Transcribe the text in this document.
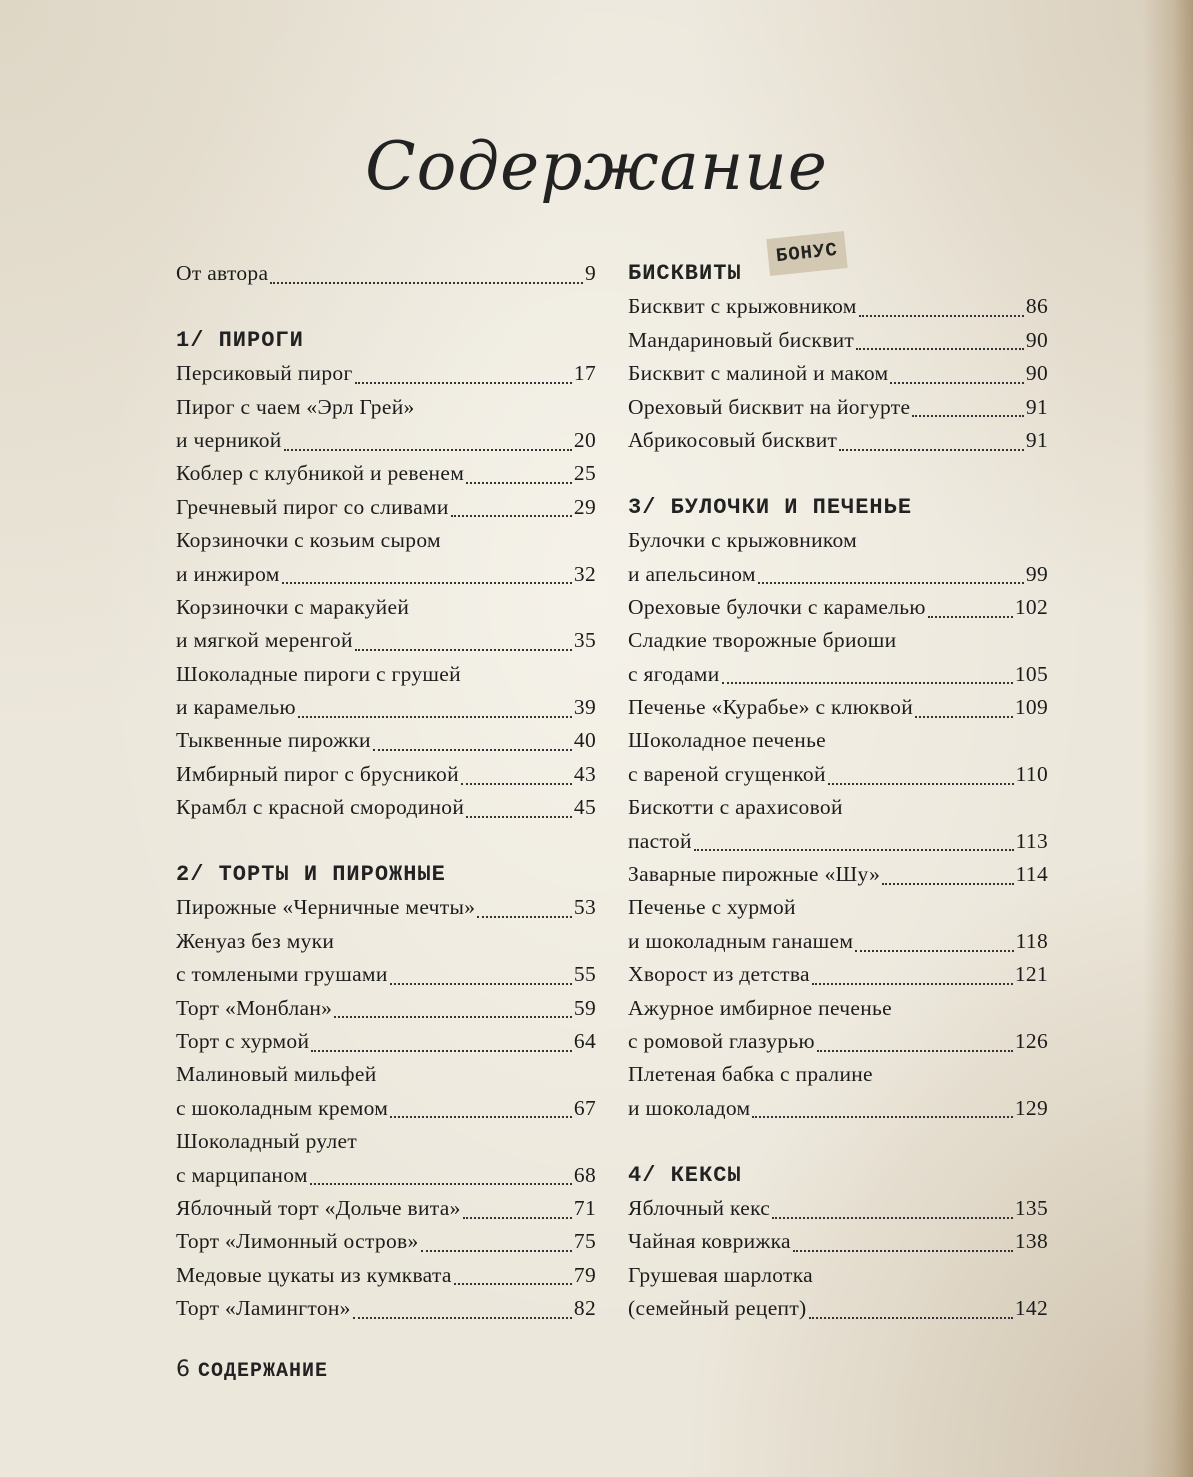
Содержание
От автора	9
1/ ПИРОГИ
Персиковый пирог	17
Пирог с чаем «Эрл Грей»
и черникой	20
Коблер с клубникой и ревенем	25
Гречневый пирог со сливами	29
Корзиночки с козьим сыром
и инжиром	32
Корзиночки с маракуйей
и мягкой меренгой	35
Шоколадные пироги с грушей
и карамелью	39
Тыквенные пирожки	40
Имбирный пирог с брусникой	43
Крамбл с красной смородиной	45
2/ ТОРТЫ И ПИРОЖНЫЕ
Пирожные «Черничные мечты»	53
Женуаз без муки
с томлеными грушами	55
Торт «Монблан»	59
Торт с хурмой	64
Малиновый мильфей
с шоколадным кремом	67
Шоколадный рулет
с марципаном	68
Яблочный торт «Дольче вита»	71
Торт «Лимонный остров»	75
Медовые цукаты из кумквата	79
Торт «Ламингтон»	82
БИСКВИТЫ
БОНУС
Бисквит с крыжовником	86
Мандариновый бисквит	90
Бисквит с малиной и маком	90
Ореховый бисквит на йогурте	91
Абрикосовый бисквит	91
3/ БУЛОЧКИ И ПЕЧЕНЬЕ
Булочки с крыжовником
и апельсином	99
Ореховые булочки с карамелью	102
Сладкие творожные бриоши
с ягодами	105
Печенье «Курабье» с клюквой	109
Шоколадное печенье
с вареной сгущенкой	110
Бискотти с арахисовой
пастой	113
Заварные пирожные «Шу»	114
Печенье с хурмой
и шоколадным ганашем	118
Хворост из детства	121
Ажурное имбирное печенье
с ромовой глазурью	126
Плетеная бабка с пралине
и шоколадом	129
4/ КЕКСЫ
Яблочный кекс	135
Чайная коврижка	138
Грушевая шарлотка
(семейный рецепт)	142
6 СОДЕРЖАНИЕ
